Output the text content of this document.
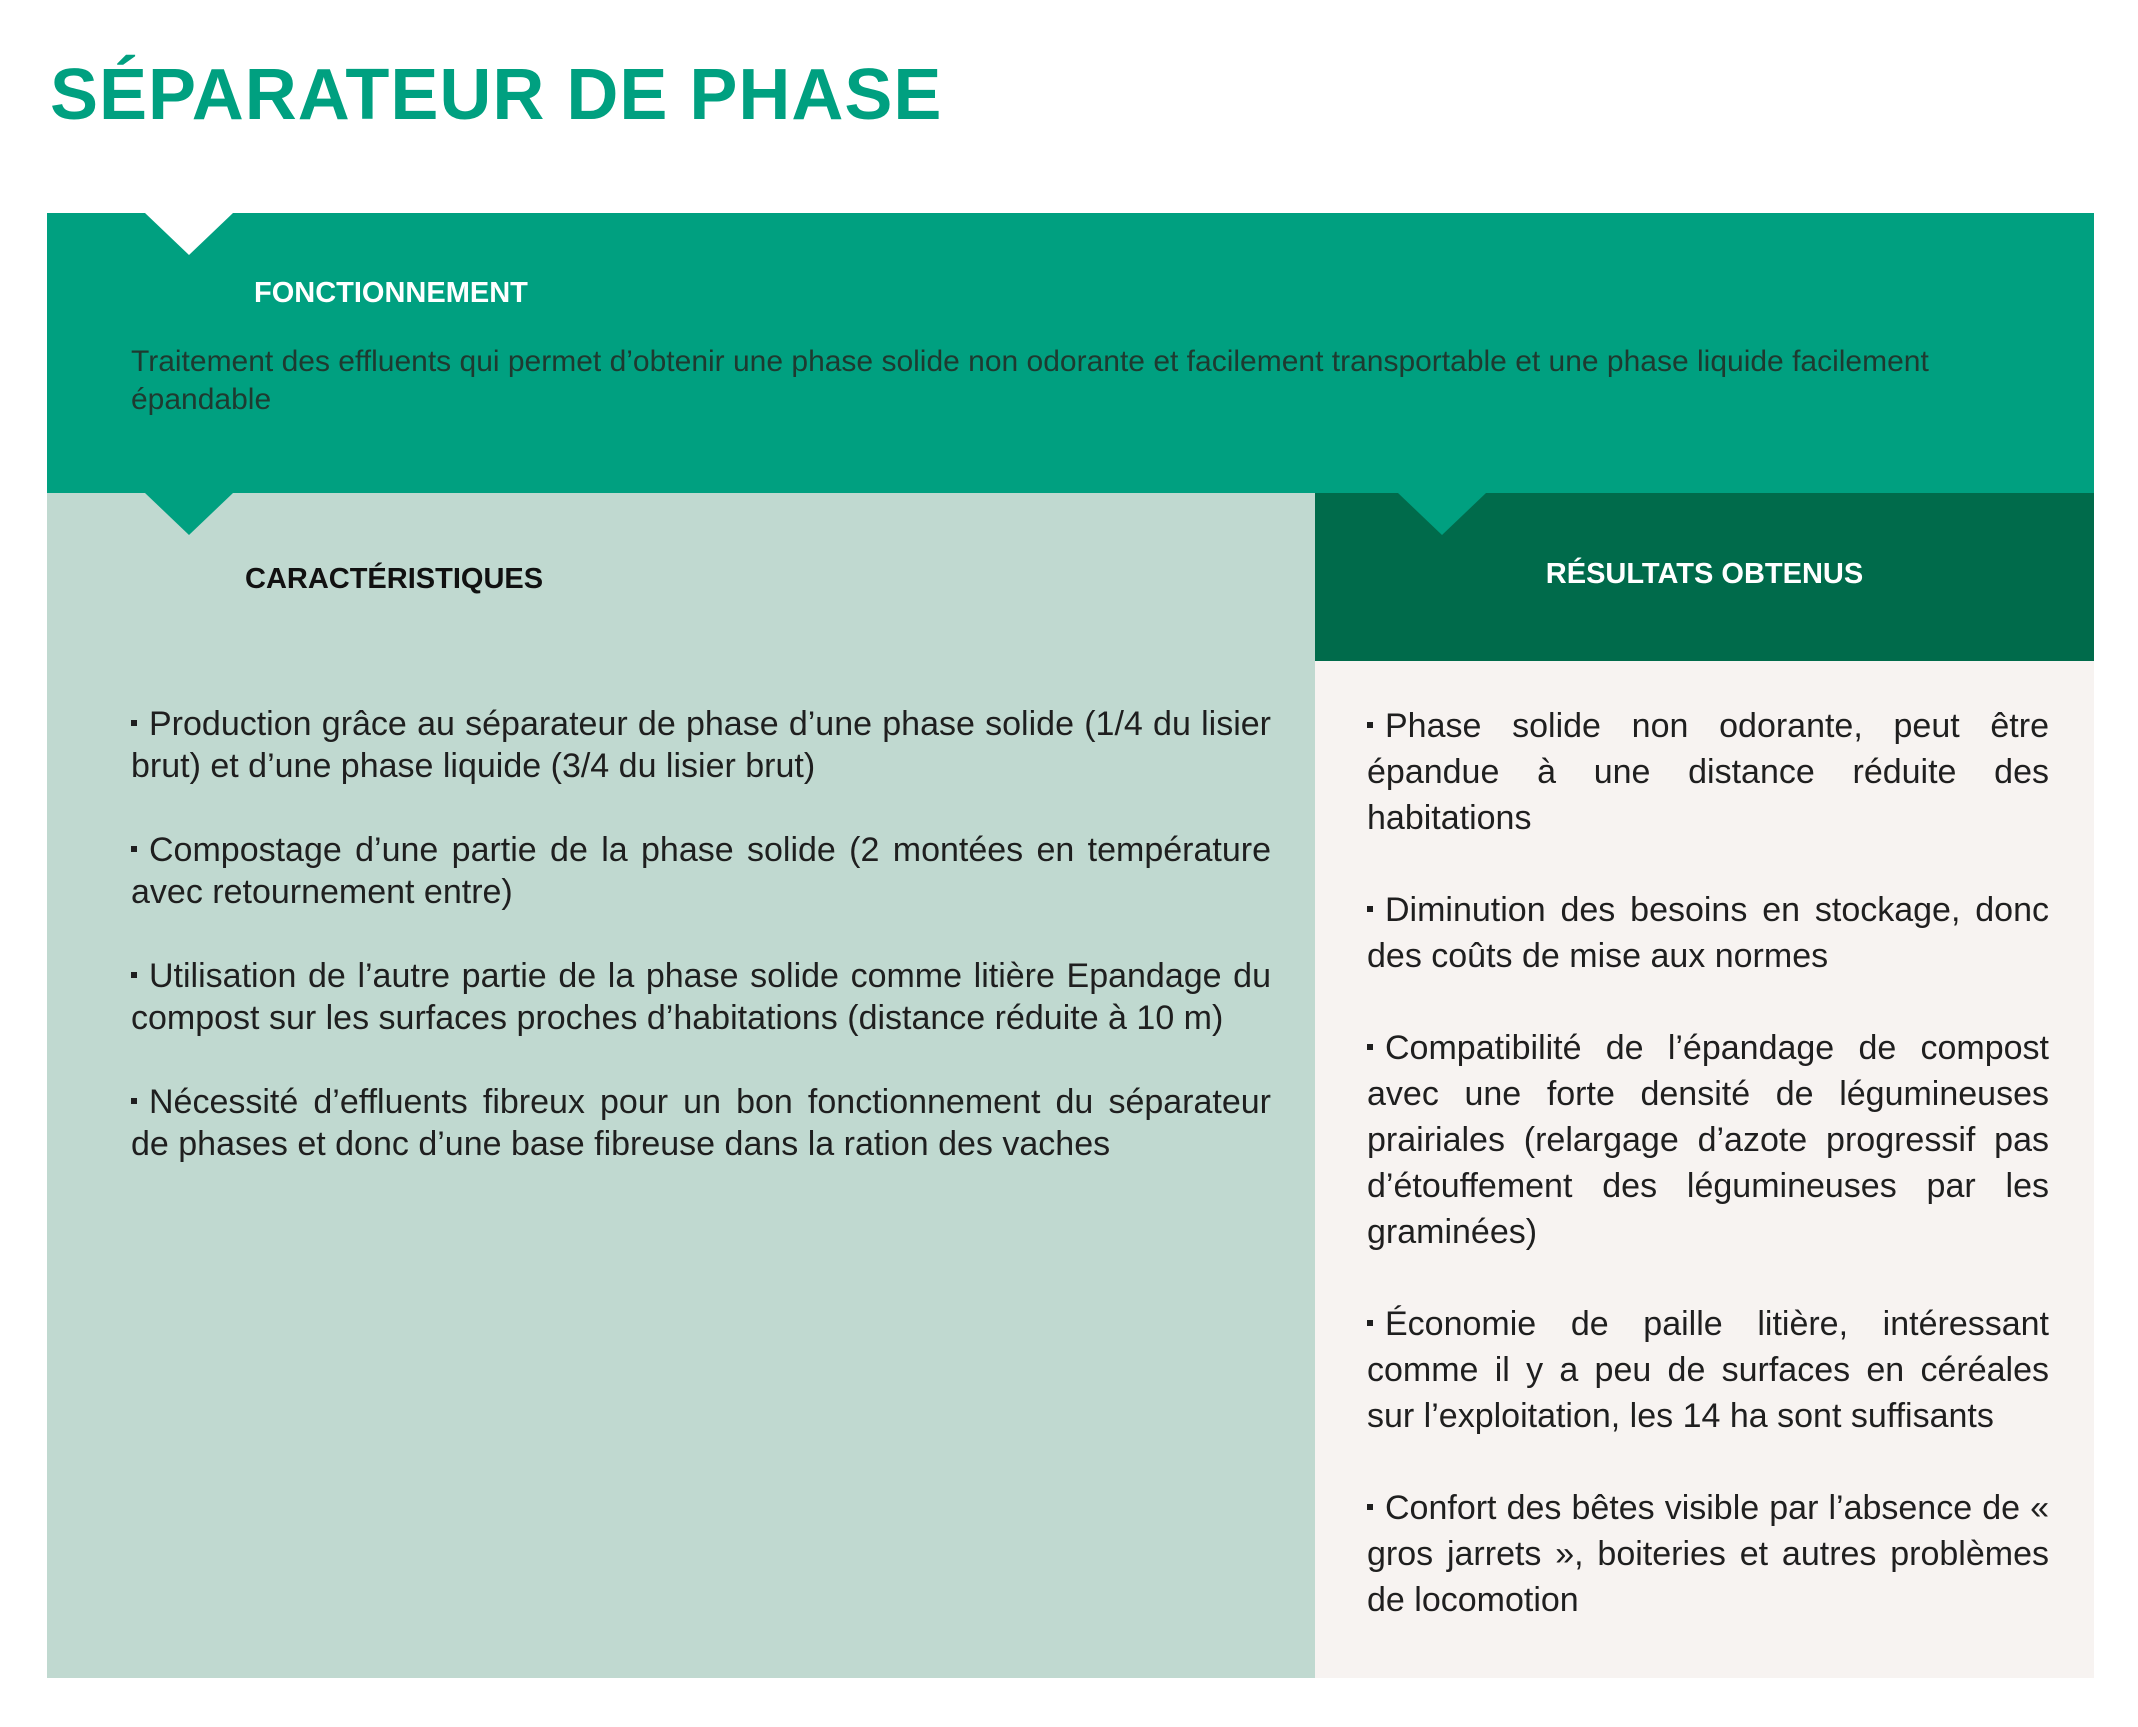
SÉPARATEUR DE PHASE
FONCTIONNEMENT

Traitement des effluents qui permet d’obtenir une phase solide non odorante et facilement transportable et une phase liquide facilement épandable

CARACTÉRISTIQUES	RÉSULTATS OBTENUS
Production grâce au séparateur de phase d’une phase solide (1/4 du lisier brut) et d’une phase liquide (3/4 du lisier brut)
Compostage d’une partie de la phase solide (2 montées en température avec retournement entre)
Utilisation de l’autre partie de la phase solide comme litière Epandage du compost sur les surfaces proches d’habitations (distance réduite à 10 m)
Nécessité d’effluents fibreux pour un bon fonctionnement du séparateur de phases et donc d’une base fibreuse dans la ration des vaches
Phase solide non odorante, peut être épandue à une distance réduite des habitations
Diminution des besoins en stockage, donc des coûts de mise aux normes
Compatibilité de l’épandage de compost avec une forte densité de légumineuses prairiales (relargage d’azote progressif pas d’étouffement des légumineuses par les graminées)
Économie de paille litière, intéressant comme il y a peu de surfaces en céréales sur l’exploitation, les 14 ha sont suffisants
Confort des bêtes visible par l’absence de « gros jarrets », boiteries et autres problèmes de locomotion
